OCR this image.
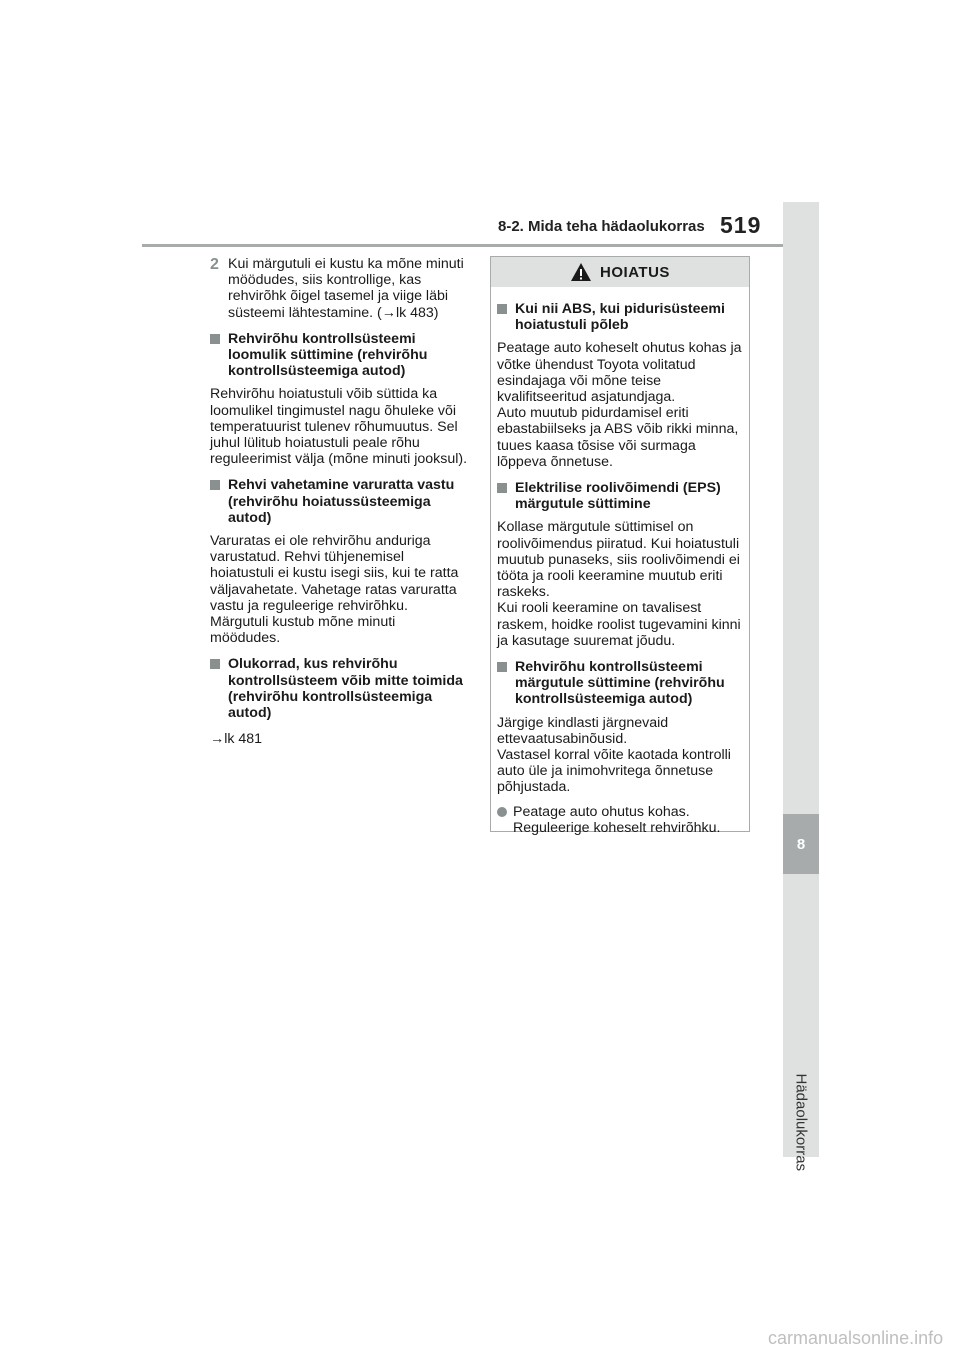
8
Hädaolukorras
8-2. Mida teha hädaolukorras 519
2 Kui märgutuli ei kustu ka mõne minuti möödudes, siis kontrollige, kas rehvirõhk õigel tasemel ja viige läbi süsteemi lähtestamine. (→lk 483)

Rehvirõhu kontrollsüsteemi loomulik süttimine (rehvirõhu kontrollsüsteemiga autod)

Rehvirõhu hoiatustuli võib süttida ka loomulikel tingimustel nagu õhuleke või temperatuurist tulenev rõhumuutus. Sel juhul lülitub hoiatustuli peale rõhu reguleerimist välja (mõne minuti jooksul).

Rehvi vahetamine varuratta vastu (rehvirõhu hoiatussüsteemiga autod)

Varuratas ei ole rehvirõhu anduriga varustatud. Rehvi tühjenemisel hoiatustuli ei kustu isegi siis, kui te ratta väljavahetate. Vahetage ratas varuratta vastu ja reguleerige rehvirõhku. Märgutuli kustub mõne minuti möödudes.

Olukorrad, kus rehvirõhu kontrollsüsteem võib mitte toimida (rehvirõhu kontrollsüsteemiga autod)

→lk 481

HOIATUS
Kui nii ABS, kui pidurisüsteemi hoiatustuli põleb

Peatage auto koheselt ohutus kohas ja võtke ühendust Toyota volitatud esindajaga või mõne teise kvalifitseeritud asjatundjaga.
Auto muutub pidurdamisel eriti ebastabiilseks ja ABS võib rikki minna, tuues kaasa tõsise või surmaga lõppeva õnnetuse.

Elektrilise roolivõimendi (EPS) märgutule süttimine

Kollase märgutule süttimisel on roolivõimendus piiratud. Kui hoiatustuli muutub punaseks, siis roolivõimendi ei tööta ja rooli keeramine muutub eriti raskeks.
Kui rooli keeramine on tavalisest raskem, hoidke roolist tugevamini kinni ja kasutage suuremat jõudu.

Rehvirõhu kontrollsüsteemi märgutule süttimine (rehvirõhu kontrollsüsteemiga autod)

Järgige kindlasti järgnevaid ettevaatusabinõusid.
Vastasel korral võite kaotada kontrolli auto üle ja inimohvritega õnnetuse põhjustada.

Peatage auto ohutus kohas. Reguleerige koheselt rehvirõhku.
carmanualsonline.info
